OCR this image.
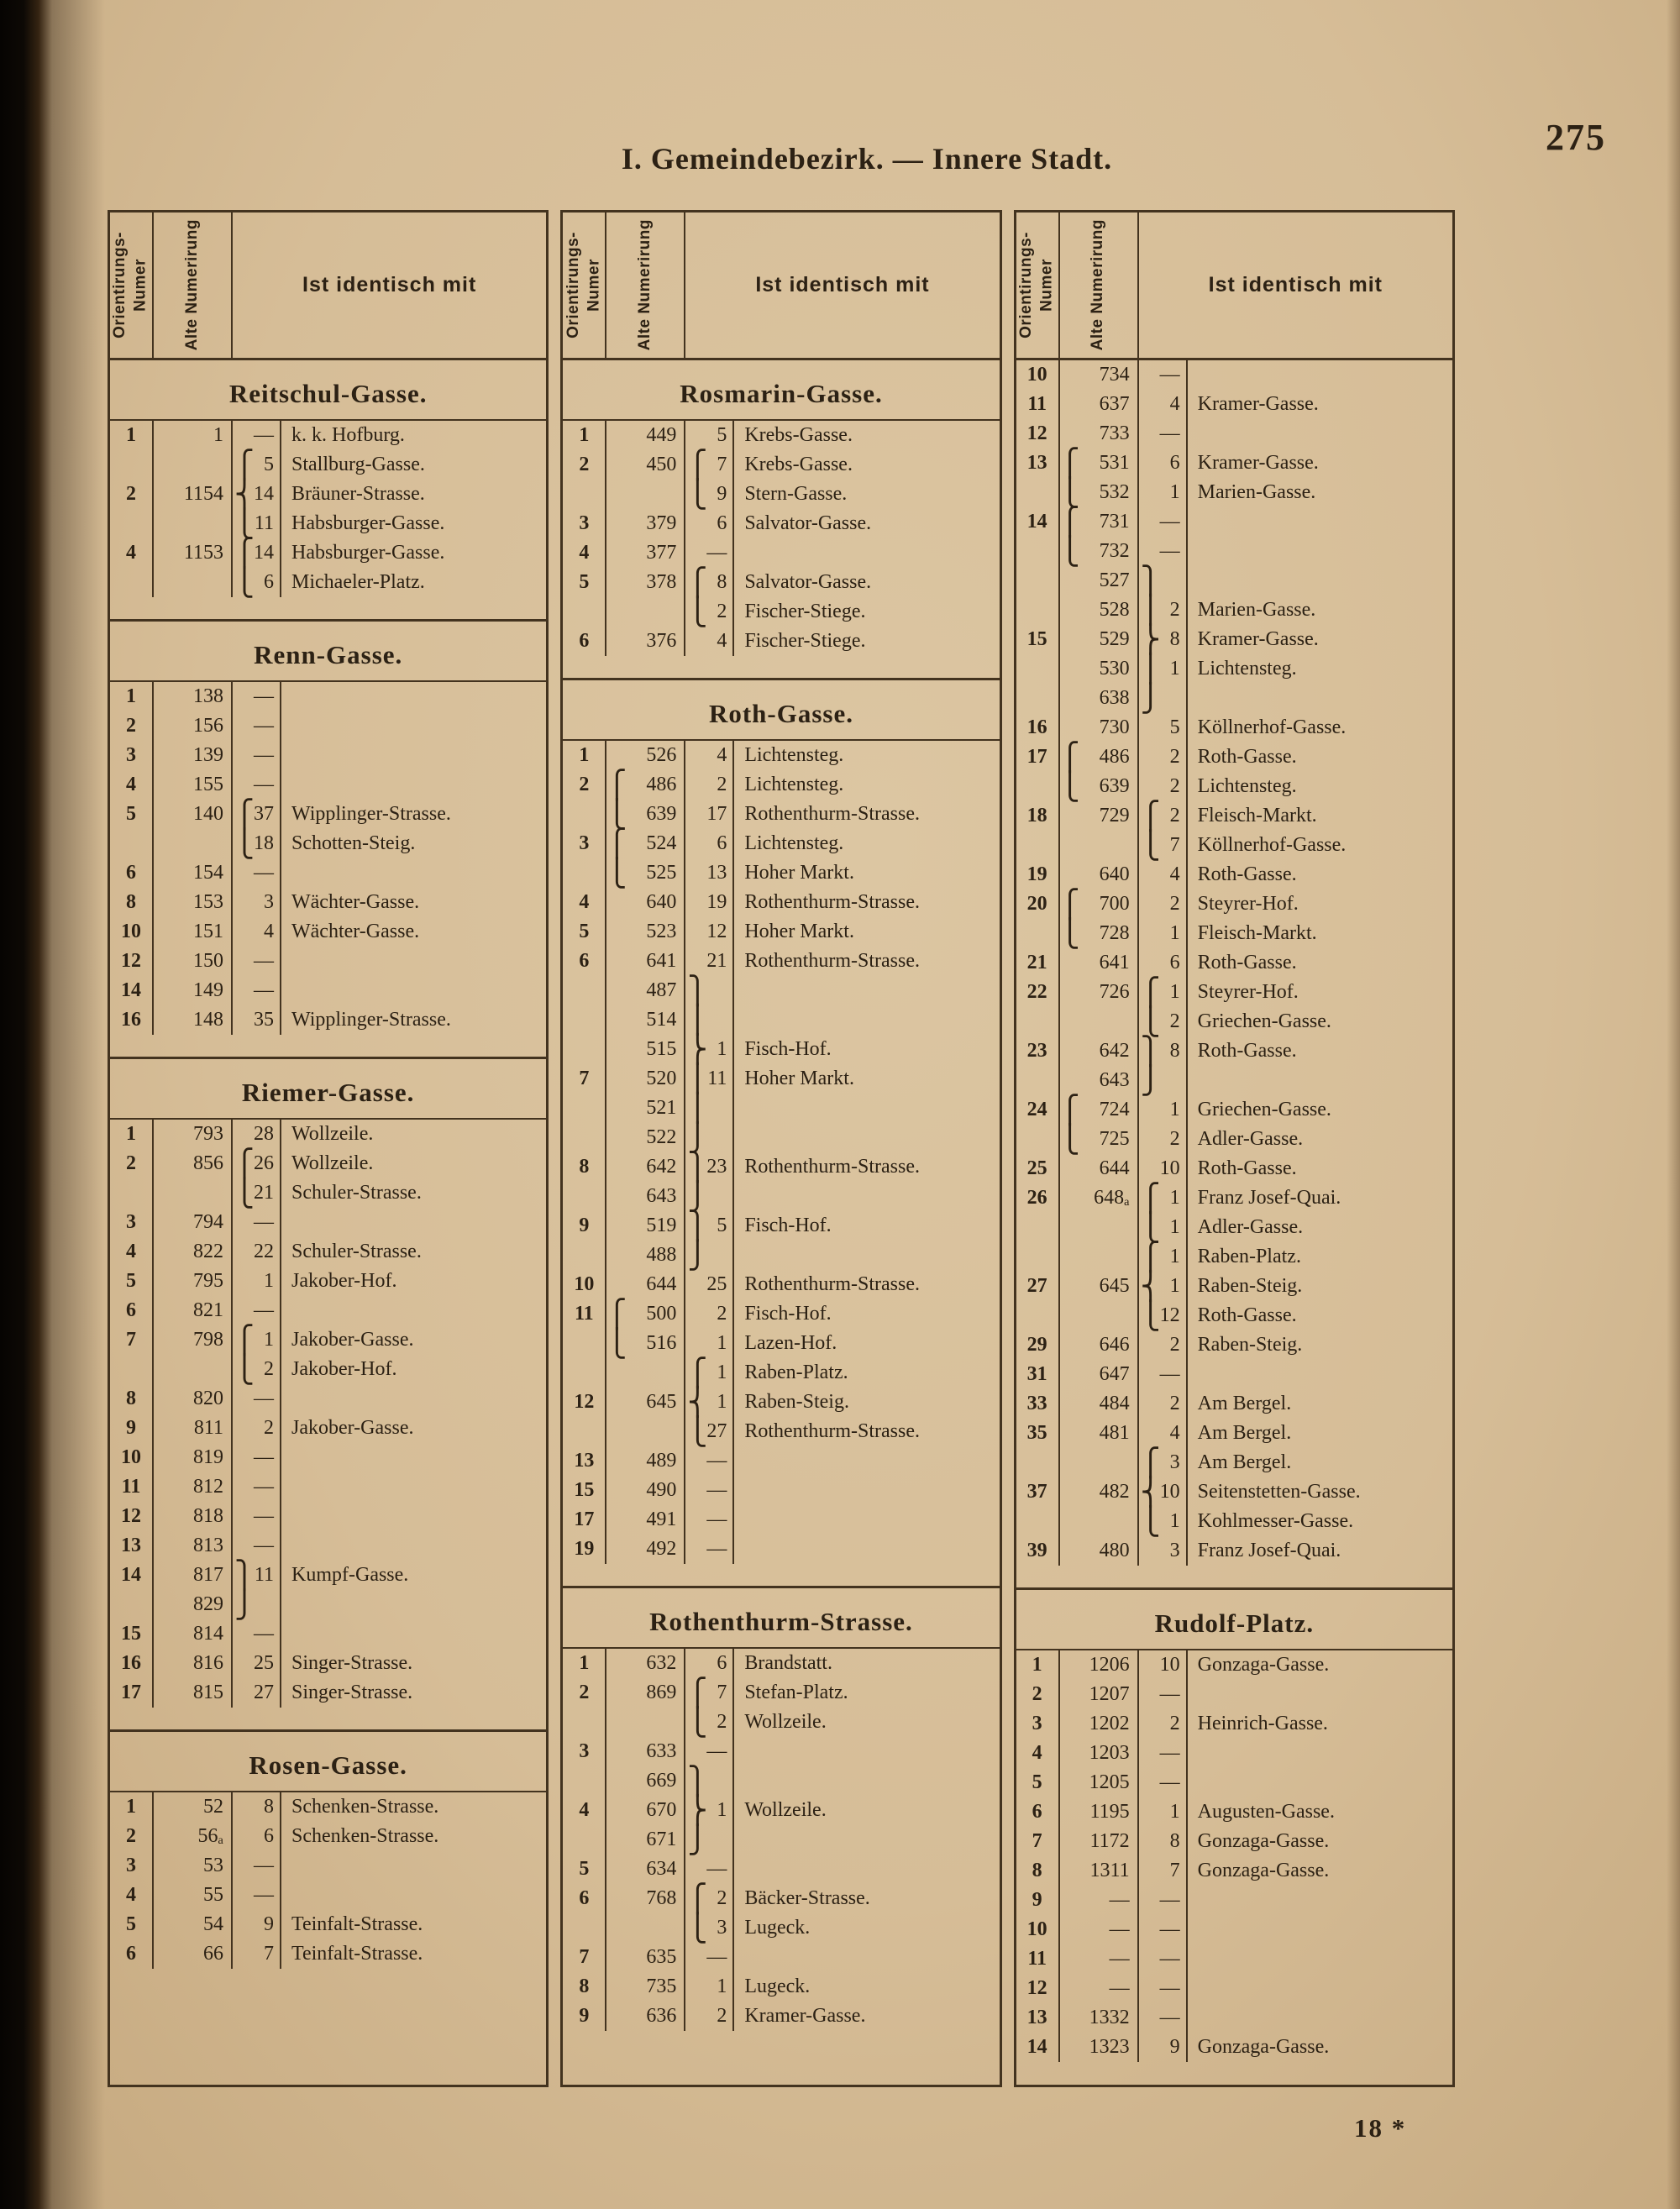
275
I. Gemeindebezirk. — Innere Stadt.
Orientirungs- Numer Alte Numerirung	Ist identisch mit
Reitschul-Gasse.
1	1	— k. k. Hofburg.
⎧ 5 Stallburg-Gasse.
2	1154 ⎨ 14 Bräuner-Strasse.
⎩ 11 Habsburger-Gasse.
4	1153 ⎧ 14 Habsburger-Gasse.
⎩ 6 Michaeler-Platz.
Renn-Gasse.
1	138	—
2	156	—
3	139	—
4	155	—
5	140 ⎧ 37 Wipplinger-Strasse.
⎩ 18 Schotten-Steig.
6	154	—
8	153	3 Wächter-Gasse.
10	151	4 Wächter-Gasse.
12	150	—
14	149	—
16	148	35 Wipplinger-Strasse.
Riemer-Gasse.
1	793	28 Wollzeile.
2	856 ⎧ 26 Wollzeile.
⎩ 21 Schuler-Strasse.
3	794	—
4	822	22 Schuler-Strasse.
5	795	1 Jakober-Hof.
6	821	—
7	798 ⎧ 1 Jakober-Gasse.
⎩ 2 Jakober-Hof.
8	820	—
9	811	2 Jakober-Gasse.
10	819	—
11	812	—
12	818	—
13	813	—
14	817 ⎫ 11 Kumpf-Gasse.
829 ⎭
15	814	—
16	816	25 Singer-Strasse.
17	815	27 Singer-Strasse.
Rosen-Gasse.
1	52	8 Schenken-Strasse.
2	56ₐ	6 Schenken-Strasse.
3	53	—
4	55	—
5	54	9 Teinfalt-Strasse.
6	66	7 Teinfalt-Strasse.
Orientirungs- Numer Alte Numerirung	Ist identisch mit
Rosmarin-Gasse.
1	449	5 Krebs-Gasse.
2	450 ⎧ 7 Krebs-Gasse.
⎩ 9 Stern-Gasse.
3	379	6 Salvator-Gasse.
4	377	—
5	378 ⎧ 8 Salvator-Gasse.
⎩ 2 Fischer-Stiege.
6	376	4 Fischer-Stiege.
Roth-Gasse.
1	526	4 Lichtensteg.
2 ⎧ 486	2 Lichtensteg.
⎩ 639	17 Rothenthurm-Strasse.
3 ⎧ 524	6 Lichtensteg.
⎩ 525	13 Hoher Markt.
4	640	19 Rothenthurm-Strasse.
5	523	12 Hoher Markt.
6	641	21 Rothenthurm-Strasse.
487 ⎫
514 ⎪
515 ⎬ 1 Fisch-Hof.
7	520 ⎪ 11 Hoher Markt.
521 ⎪
522 ⎭
8	642 ⎫ 23 Rothenthurm-Strasse.
643 ⎭
9	519 ⎫ 5 Fisch-Hof.
488 ⎭
10	644	25 Rothenthurm-Strasse.
11 ⎧ 500	2 Fisch-Hof.
⎩ 516	1 Lazen-Hof.
⎧ 1 Raben-Platz.
12	645 ⎨ 1 Raben-Steig.
⎩ 27 Rothenthurm-Strasse.
13	489	—
15	490	—
17	491	—
19	492	—
Rothenthurm-Strasse.
1	632	6 Brandstatt.
2	869 ⎧ 7 Stefan-Platz.
⎩ 2 Wollzeile.
3	633	—
669 ⎫
4	670 ⎬ 1 Wollzeile.
671 ⎭
5	634	—
6	768 ⎧ 2 Bäcker-Strasse.
⎩ 3 Lugeck.
7	635	—
8	735	1 Lugeck.
9	636	2 Kramer-Gasse.
Orientirungs- Numer Alte Numerirung	Ist identisch mit
10	734	—
11	637	4 Kramer-Gasse.
12	733	—
13 ⎧ 531	6 Kramer-Gasse.
⎩ 532	1 Marien-Gasse.
14 ⎧ 731	—
⎩ 732	—
527 ⎫
528 ⎪ 2 Marien-Gasse.
15	529 ⎬ 8 Kramer-Gasse.
530 ⎪ 1 Lichtensteg.
638 ⎭
16	730	5 Köllnerhof-Gasse.
17 ⎧ 486	2 Roth-Gasse.
⎩ 639	2 Lichtensteg.
18	729 ⎧ 2 Fleisch-Markt.
⎩ 7 Köllnerhof-Gasse.
19	640	4 Roth-Gasse.
20 ⎧ 700	2 Steyrer-Hof.
⎩ 728	1 Fleisch-Markt.
21	641	6 Roth-Gasse.
22	726 ⎧ 1 Steyrer-Hof.
⎩ 2 Griechen-Gasse.
23	642 ⎫ 8 Roth-Gasse.
643 ⎭
24 ⎧ 724	1 Griechen-Gasse.
⎩ 725	2 Adler-Gasse.
25	644	10 Roth-Gasse.
26	648ₐ ⎧ 1 Franz Josef-Quai.
⎩ 1 Adler-Gasse.
⎧ 1 Raben-Platz.
27	645 ⎨ 1 Raben-Steig.
⎩ 12 Roth-Gasse.
29	646	2 Raben-Steig.
31	647	—
33	484	2 Am Bergel.
35	481	4 Am Bergel.
⎧ 3 Am Bergel.
37	482 ⎨ 10 Seitenstetten-Gasse.
⎩ 1 Kohlmesser-Gasse.
39	480	3 Franz Josef-Quai.
Rudolf-Platz.
1	1206	10 Gonzaga-Gasse.
2	1207	—
3	1202	2 Heinrich-Gasse.
4	1203	—
5	1205	—
6	1195	1 Augusten-Gasse.
7	1172	8 Gonzaga-Gasse.
8	1311	7 Gonzaga-Gasse.
9	—	—
10	—	—
11	—	—
12	—	—
13	1332	—
14	1323	9 Gonzaga-Gasse.
18 *
